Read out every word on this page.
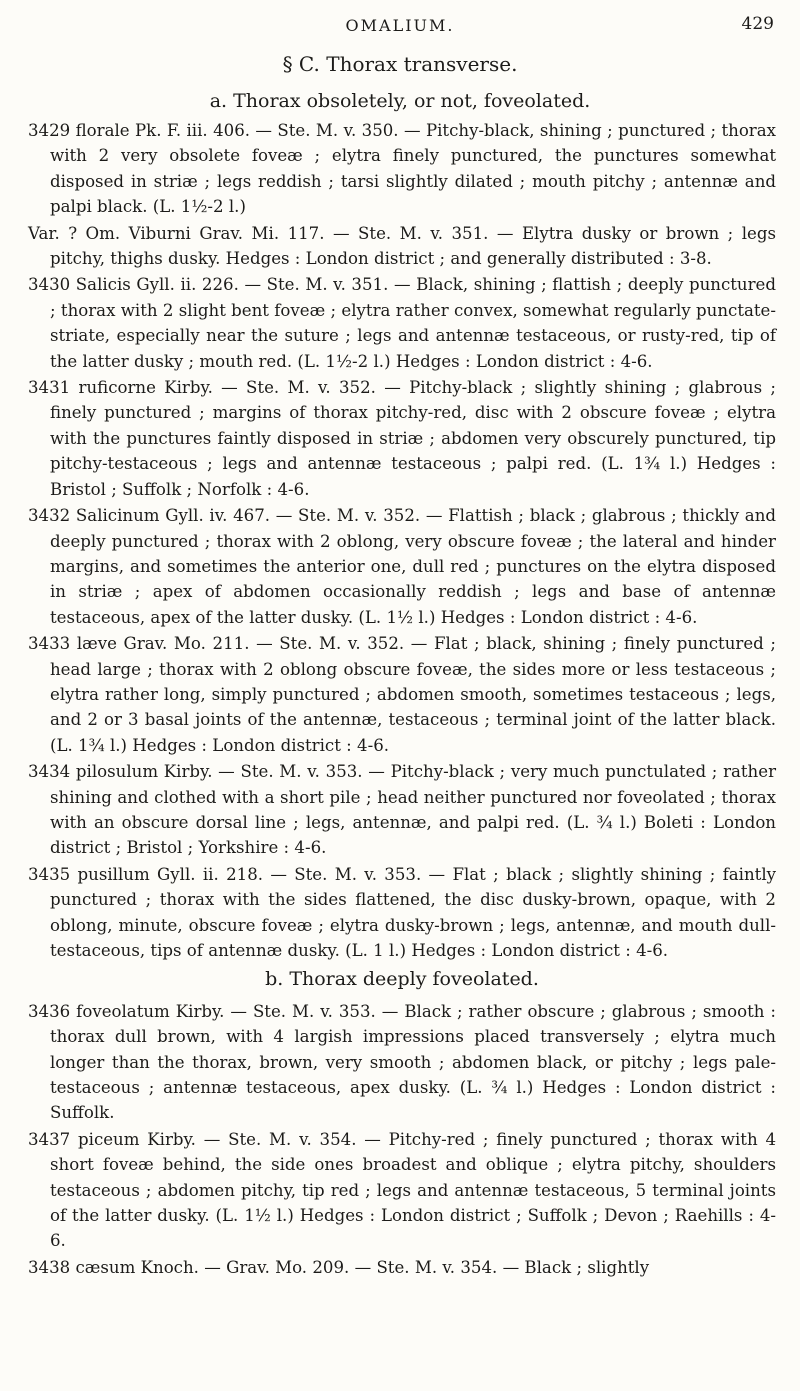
OMALIUM.	429
§ C. Thorax transverse.
a. Thorax obsoletely, or not, foveolated.

3429 florale Pk. F. iii. 406. — Ste. M. v. 350. — Pitchy-black, shining ; punctured ; thorax with 2 very obsolete foveæ ; elytra finely punctured, the punctures somewhat disposed in striæ ; legs reddish ; tarsi slightly dilated ; mouth pitchy ; antennæ and palpi black. (L. 1½-2 l.)

Var. ? Om. Viburni Grav. Mi. 117. — Ste. M. v. 351. — Elytra dusky or brown ; legs pitchy, thighs dusky. Hedges : London district ; and generally distributed : 3-8.

3430 Salicis Gyll. ii. 226. — Ste. M. v. 351. — Black, shining ; flattish ; deeply punctured ; thorax with 2 slight bent foveæ ; elytra rather convex, somewhat regularly punctate-striate, especially near the suture ; legs and antennæ testaceous, or rusty-red, tip of the latter dusky ; mouth red. (L. 1½-2 l.) Hedges : London district : 4-6.

3431 ruficorne Kirby. — Ste. M. v. 352. — Pitchy-black ; slightly shining ; glabrous ; finely punctured ; margins of thorax pitchy-red, disc with 2 obscure foveæ ; elytra with the punctures faintly disposed in striæ ; abdomen very obscurely punctured, tip pitchy-testaceous ; legs and antennæ testaceous ; palpi red. (L. 1¾ l.) Hedges : Bristol ; Suffolk ; Norfolk : 4-6.

3432 Salicinum Gyll. iv. 467. — Ste. M. v. 352. — Flattish ; black ; glabrous ; thickly and deeply punctured ; thorax with 2 oblong, very obscure foveæ ; the lateral and hinder margins, and sometimes the anterior one, dull red ; punctures on the elytra disposed in striæ ; apex of abdomen occasionally reddish ; legs and base of antennæ testaceous, apex of the latter dusky. (L. 1½ l.) Hedges : London district : 4-6.

3433 læve Grav. Mo. 211. — Ste. M. v. 352. — Flat ; black, shining ; finely punctured ; head large ; thorax with 2 oblong obscure foveæ, the sides more or less testaceous ; elytra rather long, simply punctured ; abdomen smooth, sometimes testaceous ; legs, and 2 or 3 basal joints of the antennæ, testaceous ; terminal joint of the latter black. (L. 1¾ l.) Hedges : London district : 4-6.

3434 pilosulum Kirby. — Ste. M. v. 353. — Pitchy-black ; very much punctulated ; rather shining and clothed with a short pile ; head neither punctured nor foveolated ; thorax with an obscure dorsal line ; legs, antennæ, and palpi red. (L. ¾ l.) Boleti : London district ; Bristol ; Yorkshire : 4-6.

3435 pusillum Gyll. ii. 218. — Ste. M. v. 353. — Flat ; black ; slightly shining ; faintly punctured ; thorax with the sides flattened, the disc dusky-brown, opaque, with 2 oblong, minute, obscure foveæ ; elytra dusky-brown ; legs, antennæ, and mouth dull-testaceous, tips of antennæ dusky. (L. 1 l.) Hedges : London district : 4-6.

b. Thorax deeply foveolated.

3436 foveolatum Kirby. — Ste. M. v. 353. — Black ; rather obscure ; glabrous ; smooth : thorax dull brown, with 4 largish impressions placed transversely ; elytra much longer than the thorax, brown, very smooth ; abdomen black, or pitchy ; legs pale-testaceous ; antennæ testaceous, apex dusky. (L. ¾ l.) Hedges : London district : Suffolk.

3437 piceum Kirby. — Ste. M. v. 354. — Pitchy-red ; finely punctured ; thorax with 4 short foveæ behind, the side ones broadest and oblique ; elytra pitchy, shoulders testaceous ; abdomen pitchy, tip red ; legs and antennæ testaceous, 5 terminal joints of the latter dusky. (L. 1½ l.) Hedges : London district ; Suffolk ; Devon ; Raehills : 4-6.

3438 cæsum Knoch. — Grav. Mo. 209. — Ste. M. v. 354. — Black ; slightly
